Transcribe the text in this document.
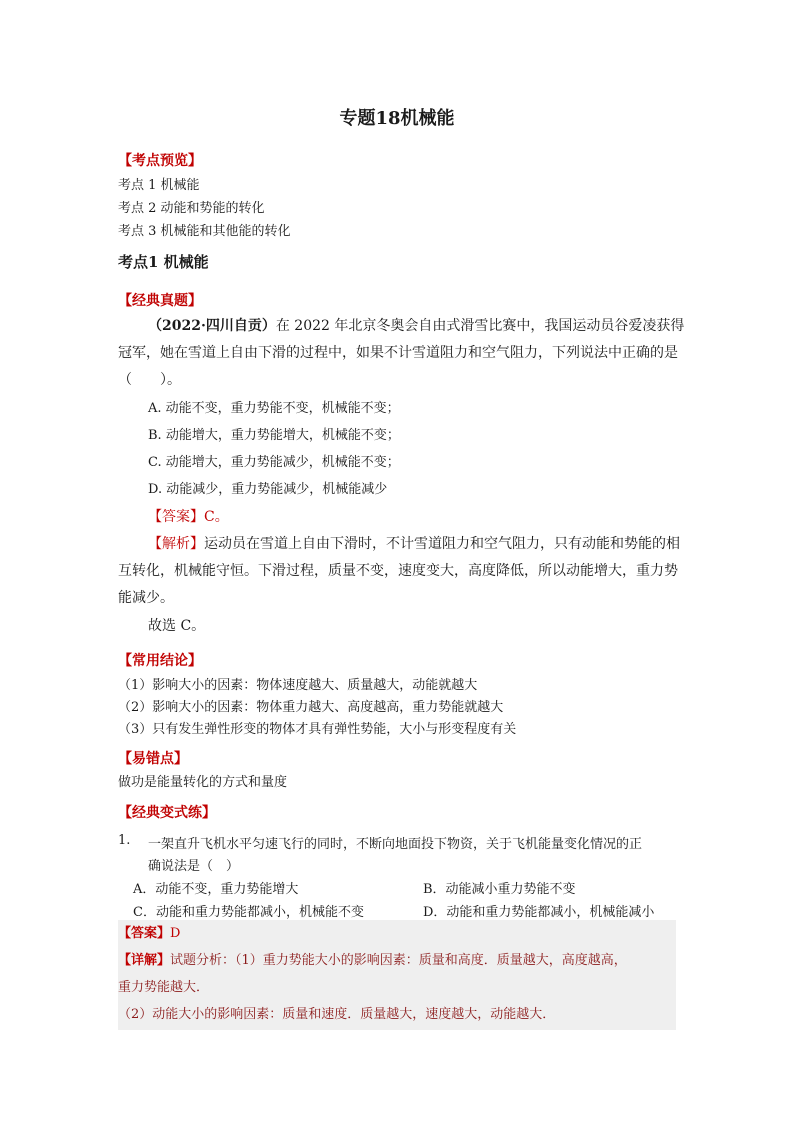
专题18机械能
【考点预览】
考点 1 机械能
考点 2 动能和势能的转化
考点 3 机械能和其他能的转化
考点1 机械能
【经典真题】
（2022·四川自贡）在 2022 年北京冬奥会自由式滑雪比赛中，我国运动员谷爱凌获得
冠军，她在雪道上自由下滑的过程中，如果不计雪道阻力和空气阻力，下列说法中正确的是
（　　）。
A. 动能不变，重力势能不变，机械能不变；
B. 动能增大，重力势能增大，机械能不变；
C. 动能增大，重力势能减少，机械能不变；
D. 动能减少，重力势能减少，机械能减少
【答案】C。
【解析】运动员在雪道上自由下滑时，不计雪道阻力和空气阻力，只有动能和势能的相
互转化，机械能守恒。下滑过程，质量不变，速度变大，高度降低，所以动能增大，重力势
能减少。
故选 C。
【常用结论】
（1）影响大小的因素：物体速度越大、质量越大，动能就越大
（2）影响大小的因素：物体重力越大、高度越高，重力势能就越大
（3）只有发生弹性形变的物体才具有弹性势能，大小与形变程度有关
【易错点】
做功是能量转化的方式和量度
【经典变式练】
1. 一架直升飞机水平匀速飞行的同时，不断向地面投下物资，关于飞机能量变化情况的正
确说法是（　）
A．动能不变，重力势能增大	B．动能减小重力势能不变
C．动能和重力势能都减小，机械能不变	D．动能和重力势能都减小，机械能减小
【答案】D
【详解】试题分析：（1）重力势能大小的影响因素：质量和高度．质量越大，高度越高，
重力势能越大．
（2）动能大小的影响因素：质量和速度．质量越大，速度越大，动能越大．
